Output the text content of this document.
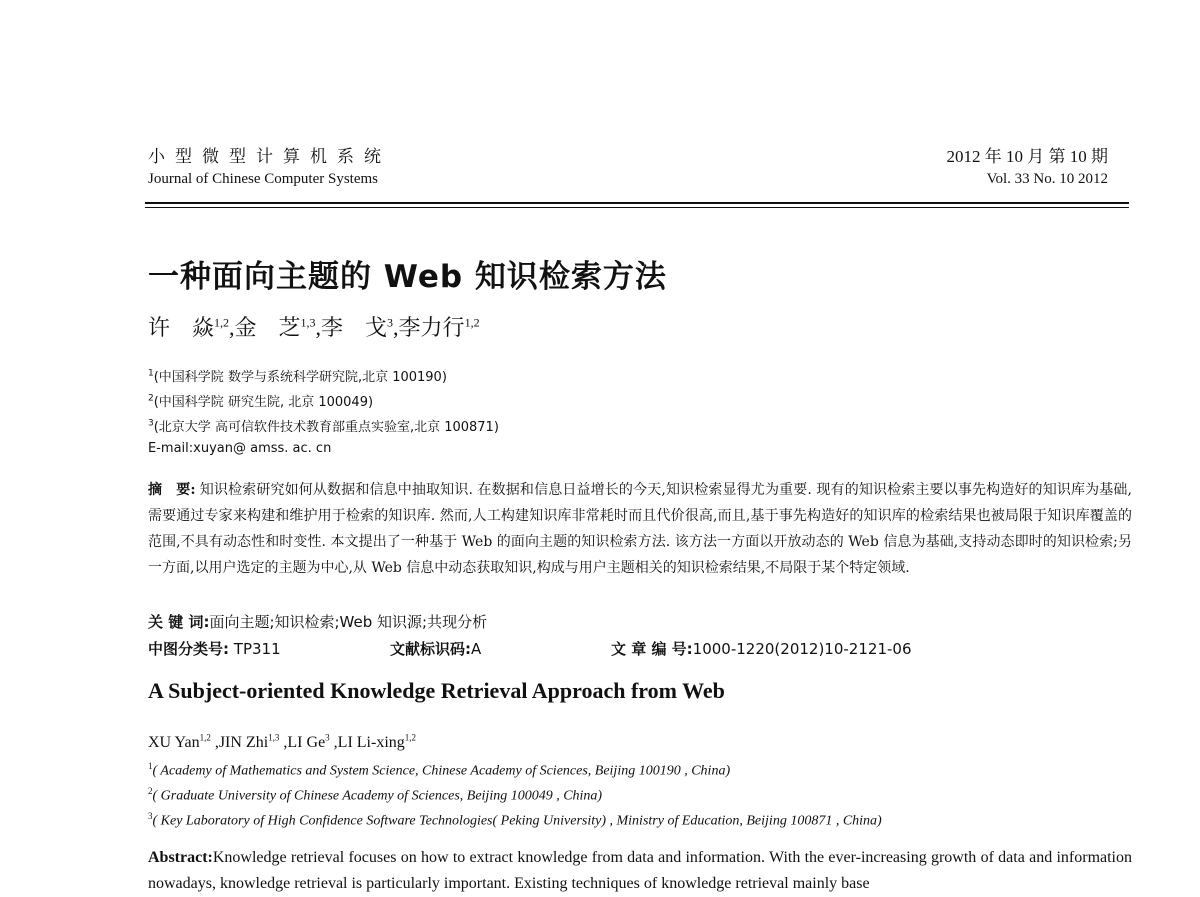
小型微型计算机系统
Journal of Chinese Computer Systems
2012 年 10 月 第 10 期
Vol. 33 No. 10 2012
一种面向主题的 Web 知识检索方法
许　焱$^{1,2}$,金　芝$^{1,3}$,李　戈$^3$,李力行$^{1,2}$
$^1$(中国科学院 数学与系统科学研究院,北京 100190)
$^2$(中国科学院 研究生院, 北京 100049)
$^3$(北京大学 高可信软件技术教育部重点实验室,北京 100871)
E-mail:xuyan@ amss. ac. cn
摘　要: 知识检索研究如何从数据和信息中抽取知识. 在数据和信息日益增长的今天,知识检索显得尤为重要. 现有的知识检索主要以事先构造好的知识库为基础,需要通过专家来构建和维护用于检索的知识库. 然而,人工构建知识库非常耗时而且代价很高,而且,基于事先构造好的知识库的检索结果也被局限于知识库覆盖的范围,不具有动态性和时变性. 本文提出了一种基于 Web 的面向主题的知识检索方法. 该方法一方面以开放动态的 Web 信息为基础,支持动态即时的知识检索;另一方面,以用户选定的主题为中心,从 Web 信息中动态获取知识,构成与用户主题相关的知识检索结果,不局限于某个特定领域.
关 键 词:面向主题;知识检索;Web 知识源;共现分析
中图分类号: TP311	文献标识码:A	文 章 编 号:1000-1220(2012)10-2121-06
A Subject-oriented Knowledge Retrieval Approach from Web
XU Yan$^{1,2}$ ,JIN Zhi$^{1,3}$ ,LI Ge$^3$ ,LI Li-xing$^{1,2}$
$^1$( Academy of Mathematics and System Science, Chinese Academy of Sciences, Beijing 100190 , China)
$^2$( Graduate University of Chinese Academy of Sciences, Beijing 100049 , China)
$^3$( Key Laboratory of High Confidence Software Technologies( Peking University) , Ministry of Education, Beijing 100871 , China)
Abstract:Knowledge retrieval focuses on how to extract knowledge from data and information. With the ever-increasing growth of data and information nowadays, knowledge retrieval is particularly important. Existing techniques of knowledge retrieval mainly base
